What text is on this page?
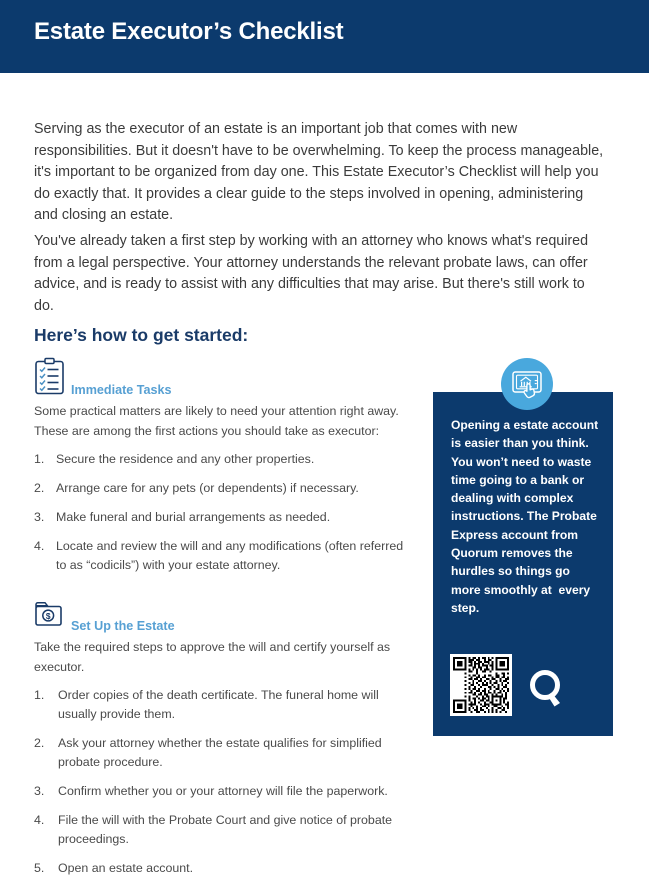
Estate Executor’s Checklist

Serving as the executor of an estate is an important job that comes with new responsibilities. But it doesn't have to be overwhelming. To keep the process manageable, it's important to be organized from day one. This Estate Executor’s Checklist will help you do exactly that. It provides a clear guide to the steps involved in opening, administering and closing an estate.

You've already taken a first step by working with an attorney who knows what's required from a legal perspective. Your attorney understands the relevant probate laws, can offer advice, and is ready to assist with any difficulties that may arise. But there's still work to do.

Here’s how to get started:
Immediate Tasks

Some practical matters are likely to need your attention right away. These are among the first actions you should take as executor:

Secure the residence and any other properties.
Arrange care for any pets (or dependents) if necessary.
Make funeral and burial arrangements as needed.
Locate and review the will and any modifications (often referred to as “codicils”) with your estate attorney.
$
Set Up the Estate

Take the required steps to approve the will and certify yourself as executor.

Order copies of the death certificate. The funeral home will usually provide them.
Ask your attorney whether the estate qualifies for simplified probate procedure.
Confirm whether you or your attorney will file the paperwork.
File the will with the Probate Court and give notice of probate proceedings.
Open an estate account.
Opening a estate account is easier than you think. You won’t need to waste time going to a bank or dealing with complex instructions. The Probate Express account from Quorum removes the hurdles so things go more smoothly at  every step.
